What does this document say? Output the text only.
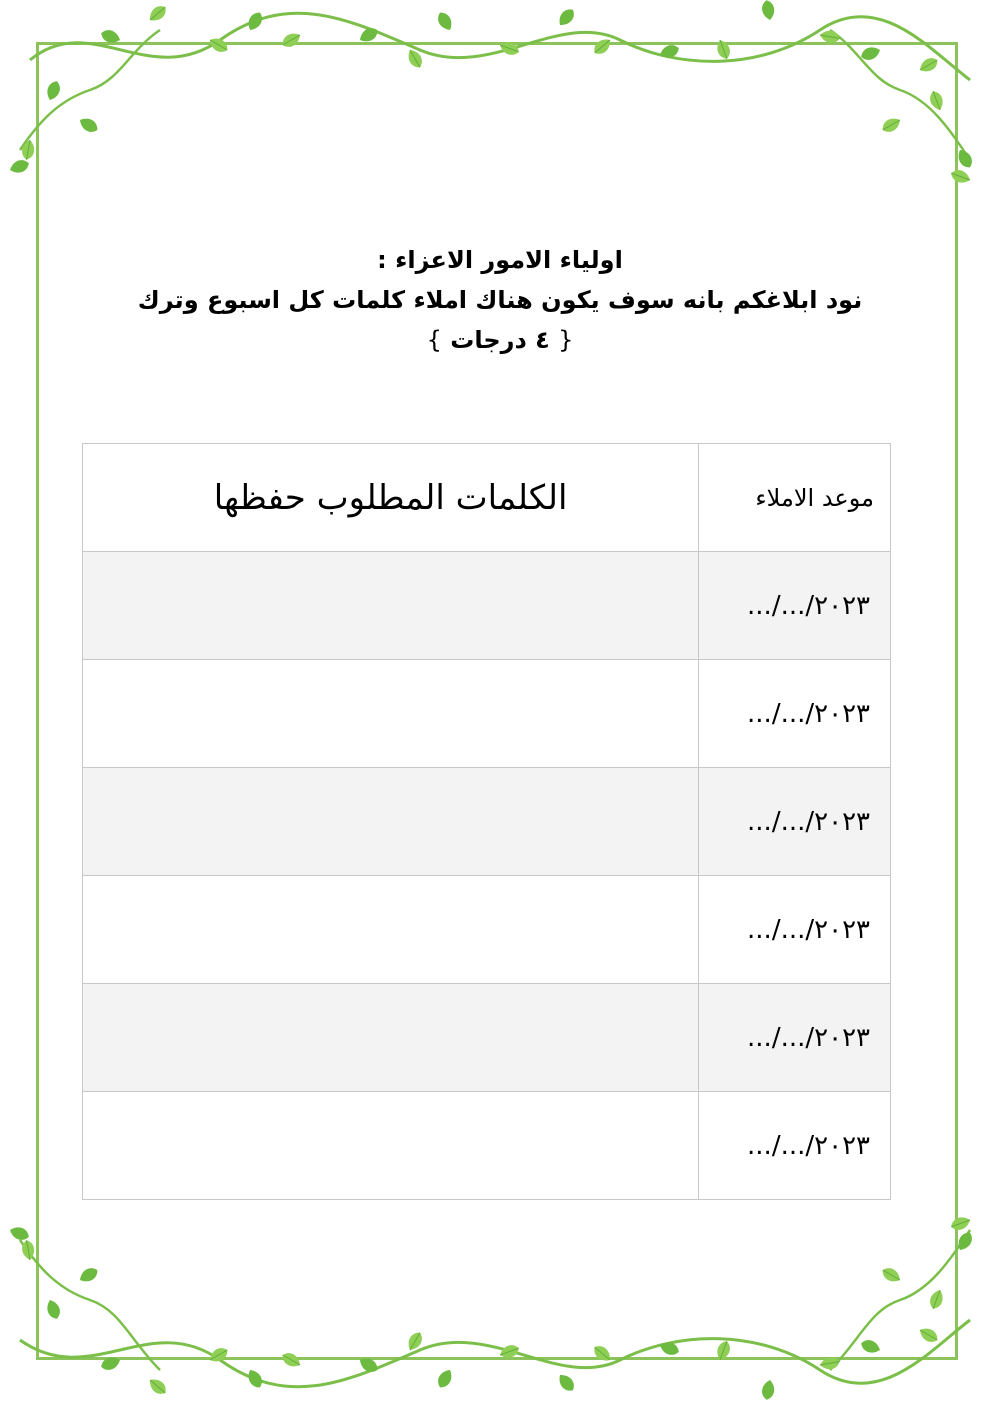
اولياء الامور الاعزاء :
نود ابلاغكم بانه سوف يكون هناك املاء كلمات كل اسبوع وترك
{ ٤ درجات }
موعد الاملاء	الكلمات المطلوب حفظها
.../.../٢٠٢٣	
.../.../٢٠٢٣	
.../.../٢٠٢٣	
.../.../٢٠٢٣	
.../.../٢٠٢٣	
.../.../٢٠٢٣	
